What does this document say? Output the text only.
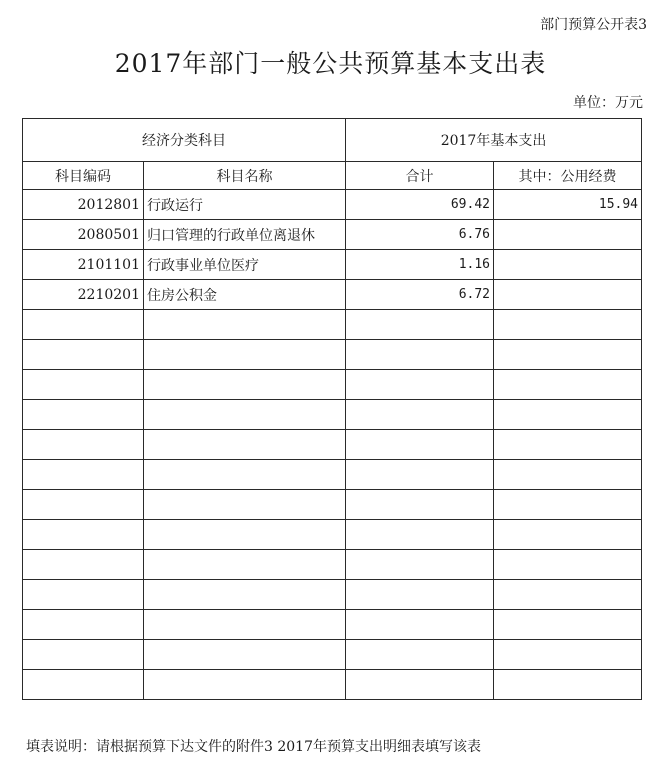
部门预算公开表3
2017年部门一般公共预算基本支出表
单位：万元
经济分类科目		2017年基本支出	
科目编码	科目名称	合计	其中：公用经费
2012801	行政运行	69.42	15.94
2080501	归口管理的行政单位离退休	6.76	
2101101	行政事业单位医疗	1.16	
2210201	住房公积金	6.72	

填表说明：请根据预算下达文件的附件3 2017年预算支出明细表填写该表
